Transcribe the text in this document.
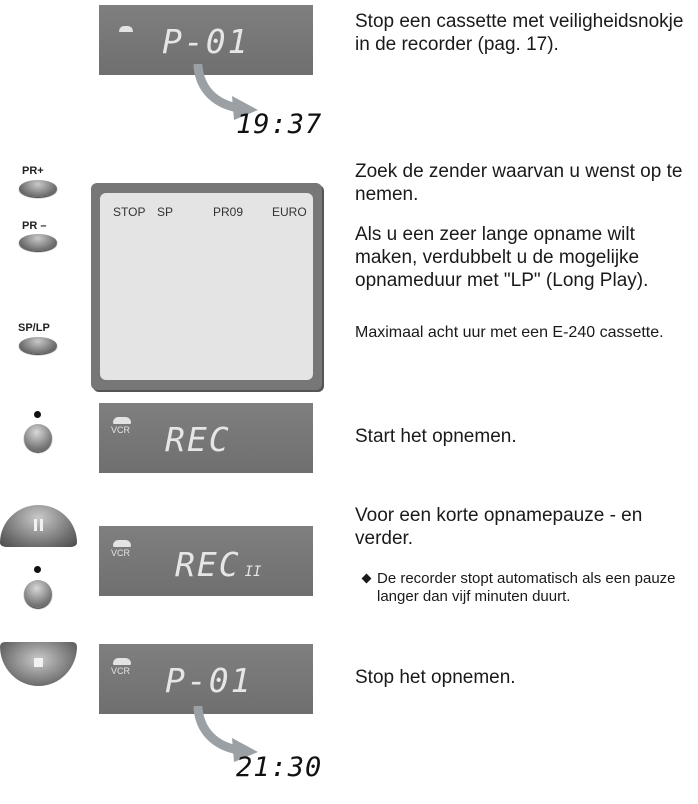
P-01
19:37
Stop een cassette met veiligheidsnokje in de recorder (pag. 17).
PR+
PR –
SP/LP
STOP SP	PR09 EURO
Zoek de zender waarvan u wenst op te nemen.
Als u een zeer lange opname wilt maken, verdubbelt u de mogelijke opnameduur met "LP" (Long Play).
Maximaal acht uur met een E-240 cassette.
VCR REC	Start het opnemen.
VCR REC II
Voor een korte opnamepauze - en verder.
De recorder stopt automatisch als een pauze langer dan vijf minuten duurt.
VCR P-01
21:30
Stop het opnemen.
